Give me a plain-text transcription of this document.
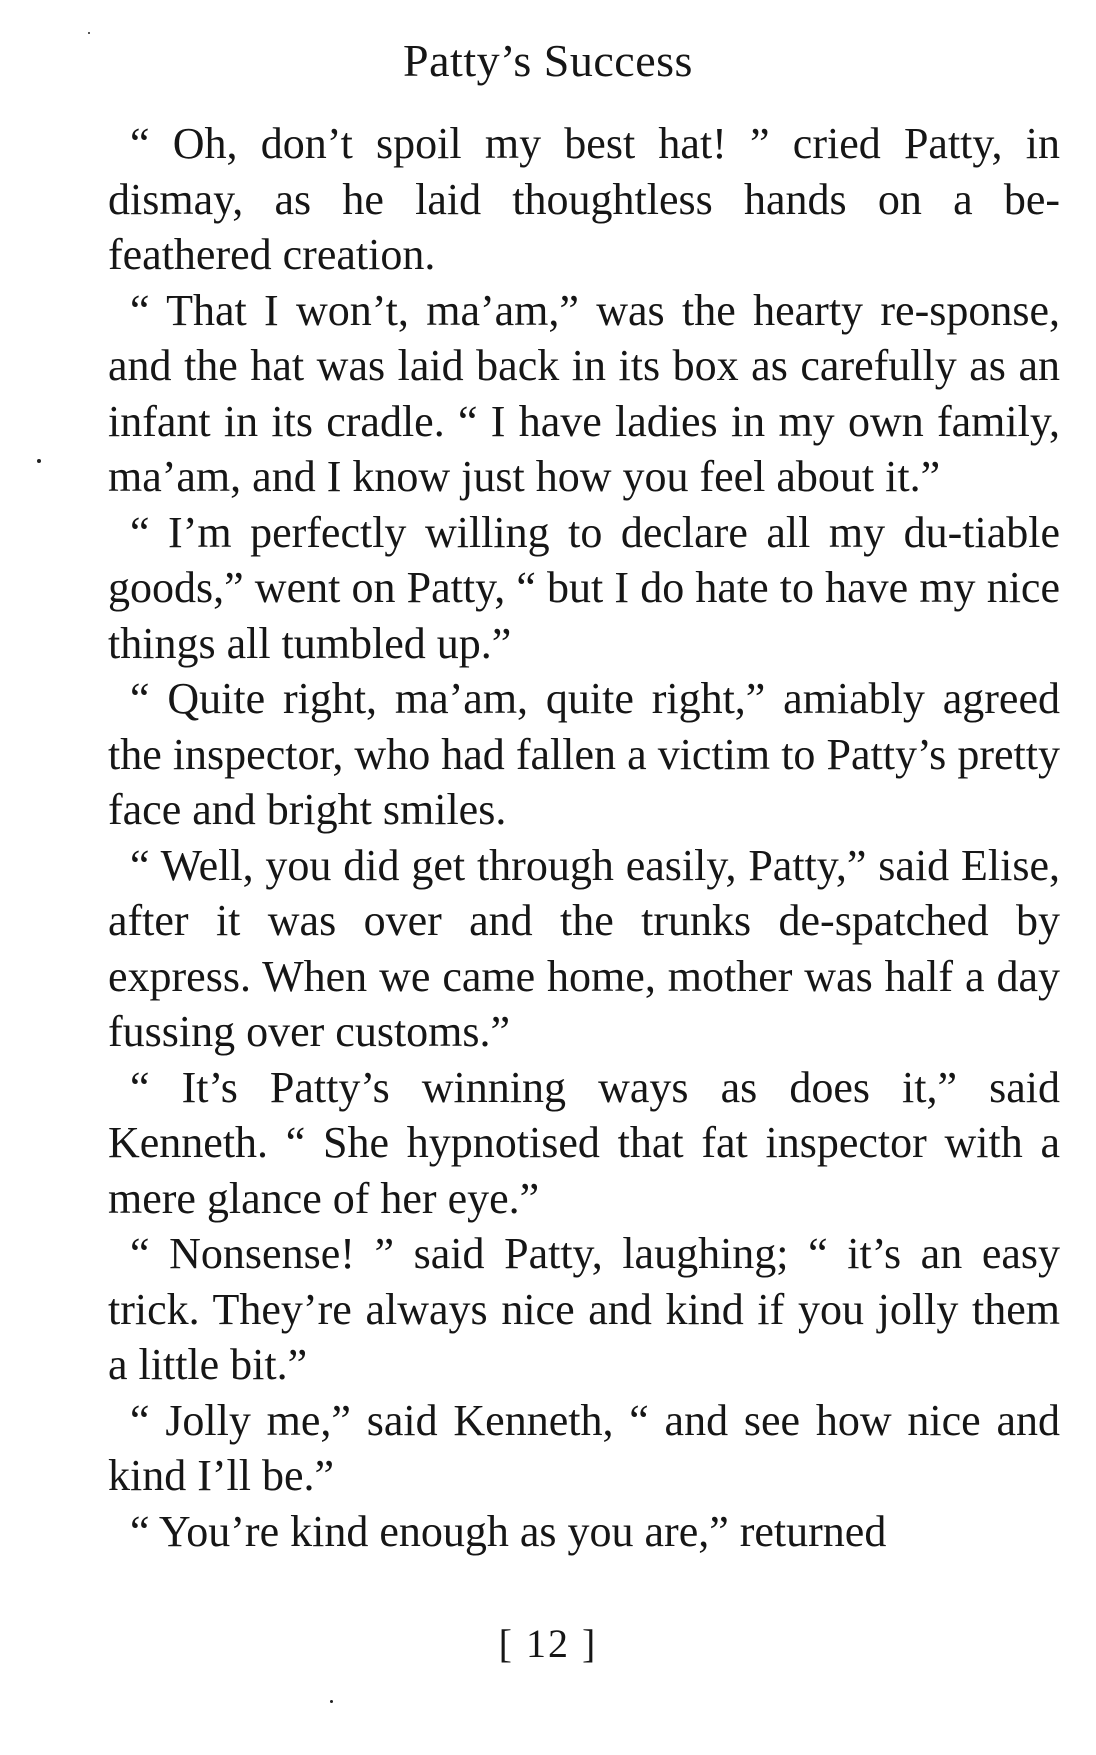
Patty’s Success

“ Oh, don’t spoil my best hat! ” cried Patty, in dismay, as he laid thoughtless hands on a be-feathered creation.

“ That I won’t, ma’am,” was the hearty re-sponse, and the hat was laid back in its box as carefully as an infant in its cradle. “ I have ladies in my own family, ma’am, and I know just how you feel about it.”

“ I’m perfectly willing to declare all my du-tiable goods,” went on Patty, “ but I do hate to have my nice things all tumbled up.”

“ Quite right, ma’am, quite right,” amiably agreed the inspector, who had fallen a victim to Patty’s pretty face and bright smiles.

“ Well, you did get through easily, Patty,” said Elise, after it was over and the trunks de-spatched by express. When we came home, mother was half a day fussing over customs.”

“ It’s Patty’s winning ways as does it,” said Kenneth. “ She hypnotised that fat inspector with a mere glance of her eye.”

“ Nonsense! ” said Patty, laughing; “ it’s an easy trick. They’re always nice and kind if you jolly them a little bit.”

“ Jolly me,” said Kenneth, “ and see how nice and kind I’ll be.”

“ You’re kind enough as you are,” returned

[ 12 ]
